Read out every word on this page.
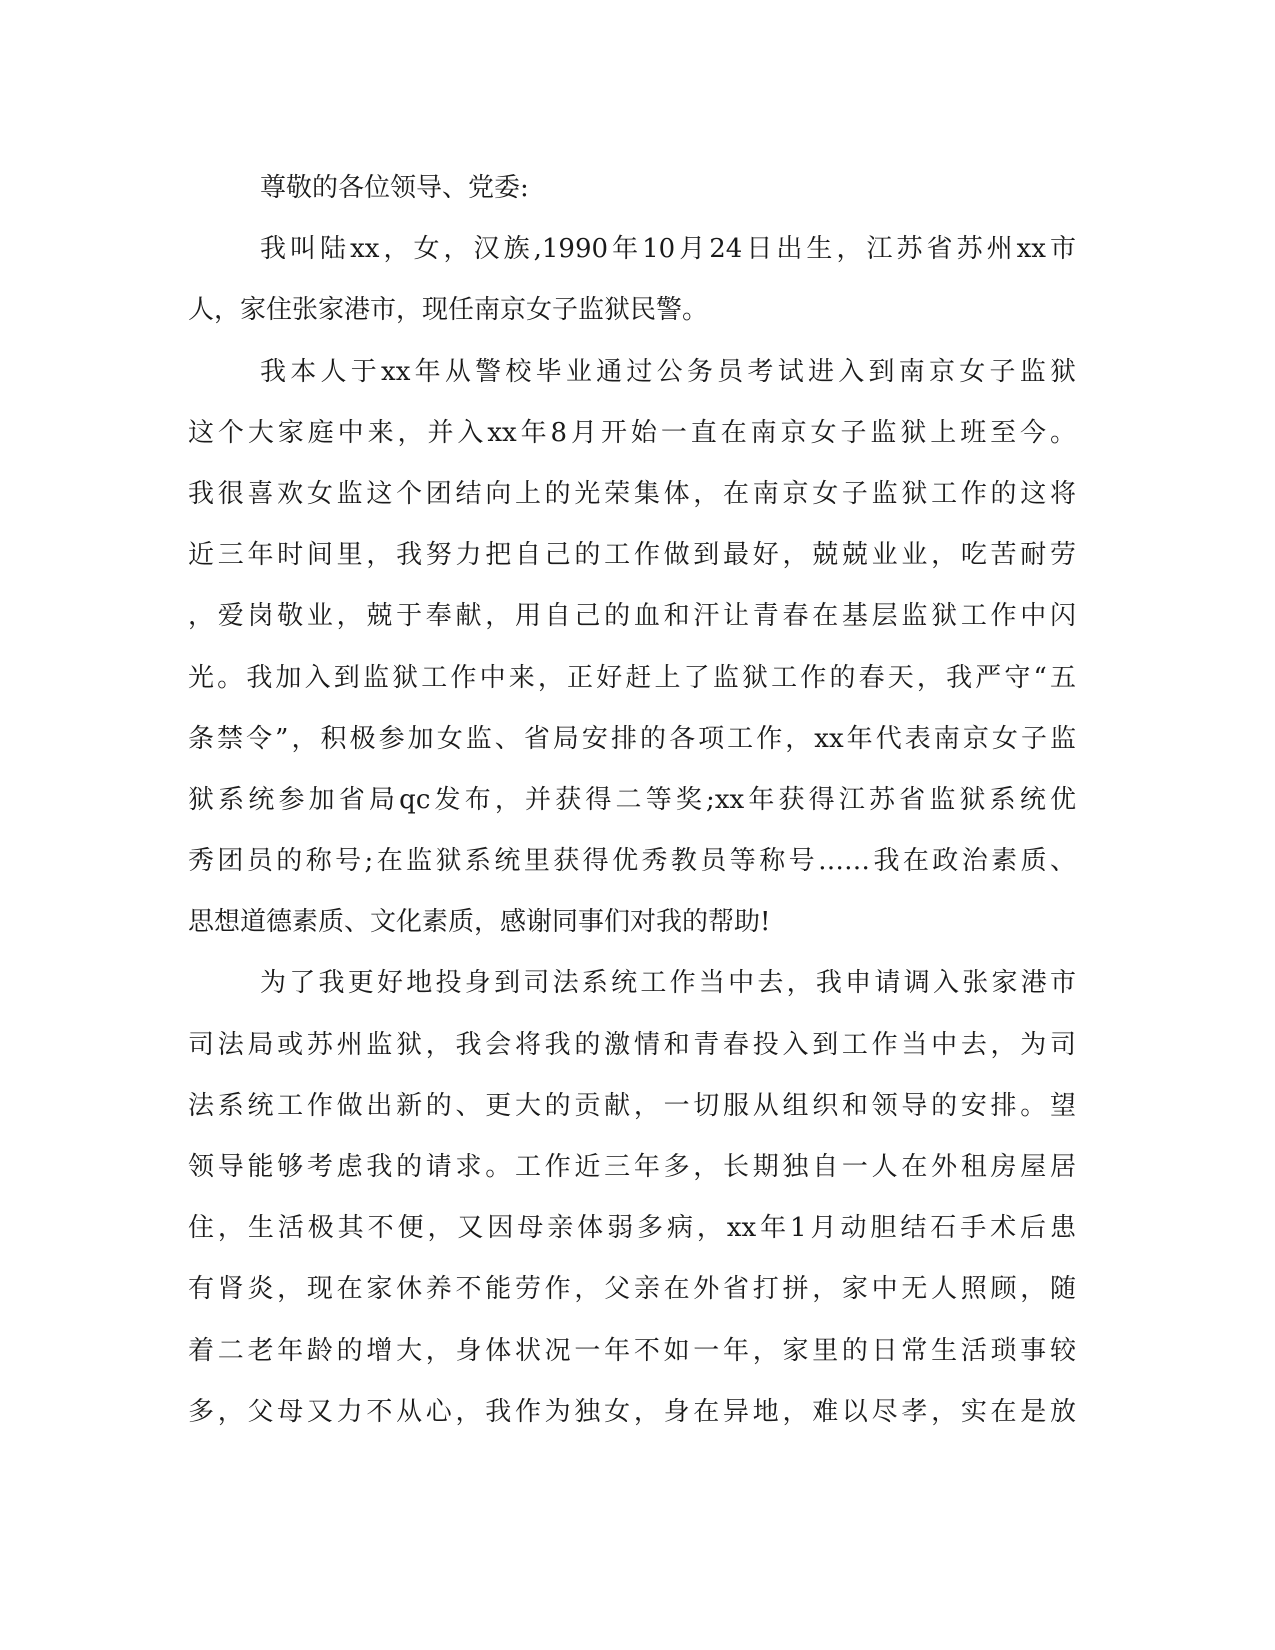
尊敬的各位领导、党委:
我叫陆xx，女，汉族,1990年10月24日出生，江苏省苏州xx市
人，家住张家港市，现任南京女子监狱民警。
我本人于xx年从警校毕业通过公务员考试进入到南京女子监狱
这个大家庭中来，并入xx年8月开始一直在南京女子监狱上班至今。
我很喜欢女监这个团结向上的光荣集体，在南京女子监狱工作的这将
近三年时间里，我努力把自己的工作做到最好，兢兢业业，吃苦耐劳
，爱岗敬业，兢于奉献，用自己的血和汗让青春在基层监狱工作中闪
光。我加入到监狱工作中来，正好赶上了监狱工作的春天，我严守“五
条禁令”，积极参加女监、省局安排的各项工作，xx年代表南京女子监
狱系统参加省局qc发布，并获得二等奖;xx年获得江苏省监狱系统优
秀团员的称号;在监狱系统里获得优秀教员等称号……我在政治素质、
思想道德素质、文化素质，感谢同事们对我的帮助!
为了我更好地投身到司法系统工作当中去，我申请调入张家港市
司法局或苏州监狱，我会将我的激情和青春投入到工作当中去，为司
法系统工作做出新的、更大的贡献，一切服从组织和领导的安排。望
领导能够考虑我的请求。工作近三年多，长期独自一人在外租房屋居
住，生活极其不便，又因母亲体弱多病，xx年1月动胆结石手术后患
有肾炎，现在家休养不能劳作，父亲在外省打拼，家中无人照顾，随
着二老年龄的增大，身体状况一年不如一年，家里的日常生活琐事较
多，父母又力不从心，我作为独女，身在异地，难以尽孝，实在是放
